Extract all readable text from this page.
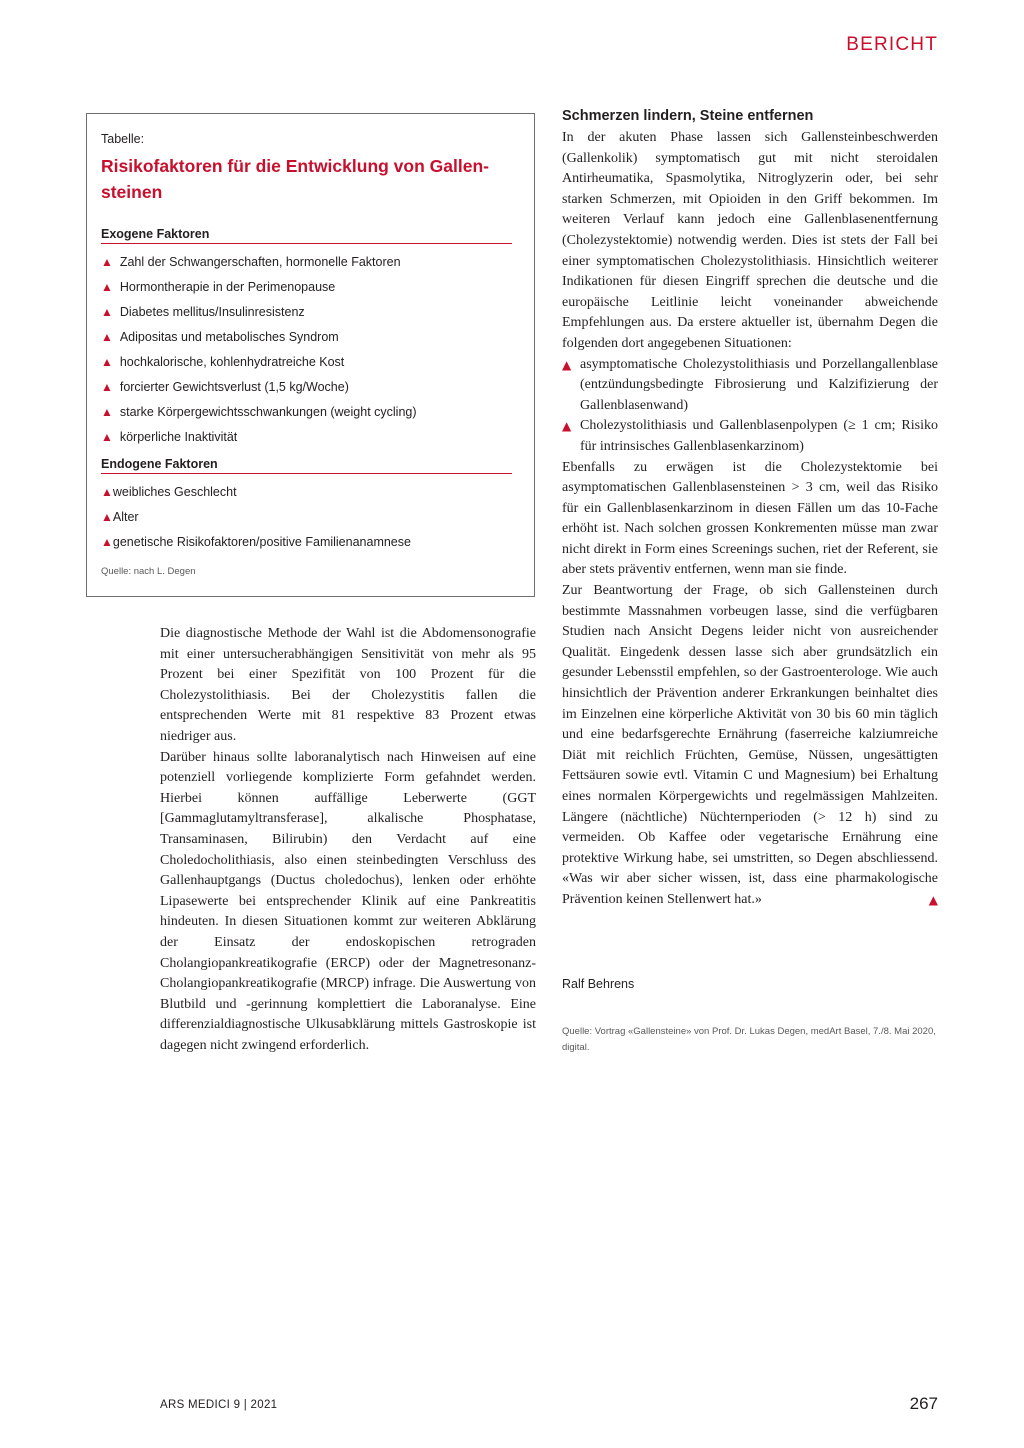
BERICHT
Tabelle:
Risikofaktoren für die Entwicklung von Gallen-steinen
Exogene Faktoren
▲ Zahl der Schwangerschaften, hormonelle Faktoren
▲ Hormontherapie in der Perimenopause
▲ Diabetes mellitus/Insulinresistenz
▲ Adipositas und metabolisches Syndrom
▲ hochkalorische, kohlenhydratreiche Kost
▲ forcierter Gewichtsverlust (1,5 kg/Woche)
▲ starke Körpergewichtsschwankungen (weight cycling)
▲ körperliche Inaktivität
Endogene Faktoren
▲weibliches Geschlecht
▲Alter
▲genetische Risikofaktoren/positive Familienanamnese
Quelle: nach L. Degen

Die diagnostische Methode der Wahl ist die Abdomensonografie mit einer untersucherabhängigen Sensitivität von mehr als 95 Prozent bei einer Spezifität von 100 Prozent für die Cholezystolithiasis. Bei der Cholezystitis fallen die entsprechenden Werte mit 81 respektive 83 Prozent etwas niedriger aus.

Darüber hinaus sollte laboranalytisch nach Hinweisen auf eine potenziell vorliegende komplizierte Form gefahndet werden. Hierbei können auffällige Leberwerte (GGT [Gammaglutamyltransferase], alkalische Phosphatase, Transaminasen, Bilirubin) den Verdacht auf eine Choledocholithiasis, also einen steinbedingten Verschluss des Gallenhauptgangs (Ductus choledochus), lenken oder erhöhte Lipasewerte bei entsprechender Klinik auf eine Pankreatitis hindeuten. In diesen Situationen kommt zur weiteren Abklärung der Einsatz der endoskopischen retrograden Cholangiopankreatikografie (ERCP) oder der Magnetresonanz-Cholangiopankreatikografie (MRCP) infrage. Die Auswertung von Blutbild und -gerinnung komplettiert die Laboranalyse. Eine differenzialdiagnostische Ulkusabklärung mittels Gastroskopie ist dagegen nicht zwingend erforderlich.

Schmerzen lindern, Steine entfernen

In der akuten Phase lassen sich Gallensteinbeschwerden (Gallenkolik) symptomatisch gut mit nicht steroidalen Antirheumatika, Spasmolytika, Nitroglyzerin oder, bei sehr starken Schmerzen, mit Opioiden in den Griff bekommen. Im weiteren Verlauf kann jedoch eine Gallenblasenentfernung (Cholezystektomie) notwendig werden. Dies ist stets der Fall bei einer symptomatischen Cholezystolithiasis. Hinsichtlich weiterer Indikationen für diesen Eingriff sprechen die deutsche und die europäische Leitlinie leicht voneinander abweichende Empfehlungen aus. Da erstere aktueller ist, übernahm Degen die folgenden dort angegebenen Situationen:

▲ asymptomatische Cholezystolithiasis und Porzellangallenblase (entzündungsbedingte Fibrosierung und Kalzifizierung der Gallenblasenwand)
▲ Cholezystolithiasis und Gallenblasenpolypen (≥ 1 cm; Risiko für intrinsisches Gallenblasenkarzinom)

Ebenfalls zu erwägen ist die Cholezystektomie bei asymptomatischen Gallenblasensteinen > 3 cm, weil das Risiko für ein Gallenblasenkarzinom in diesen Fällen um das 10-Fache erhöht ist. Nach solchen grossen Konkrementen müsse man zwar nicht direkt in Form eines Screenings suchen, riet der Referent, sie aber stets präventiv entfernen, wenn man sie finde.

Zur Beantwortung der Frage, ob sich Gallensteinen durch bestimmte Massnahmen vorbeugen lasse, sind die verfügbaren Studien nach Ansicht Degens leider nicht von ausreichender Qualität. Eingedenk dessen lasse sich aber grundsätzlich ein gesunder Lebensstil empfehlen, so der Gastroenterologe. Wie auch hinsichtlich der Prävention anderer Erkrankungen beinhaltet dies im Einzelnen eine körperliche Aktivität von 30 bis 60 min täglich und eine bedarfsgerechte Ernährung (faserreiche kalziumreiche Diät mit reichlich Früchten, Gemüse, Nüssen, ungesättigten Fettsäuren sowie evtl. Vitamin C und Magnesium) bei Erhaltung eines normalen Körpergewichts und regelmässigen Mahlzeiten. Längere (nächtliche) Nüchternperioden (> 12 h) sind zu vermeiden. Ob Kaffee oder vegetarische Ernährung eine protektive Wirkung habe, sei umstritten, so Degen abschliessend. «Was wir aber sicher wissen, ist, dass eine pharmakologische Prävention keinen Stellenwert hat.»	▲

Ralf Behrens
Quelle: Vortrag «Gallensteine» von Prof. Dr. Lukas Degen, medArt Basel, 7./8. Mai 2020, digital.
ARS MEDICI 9 | 2021	267
